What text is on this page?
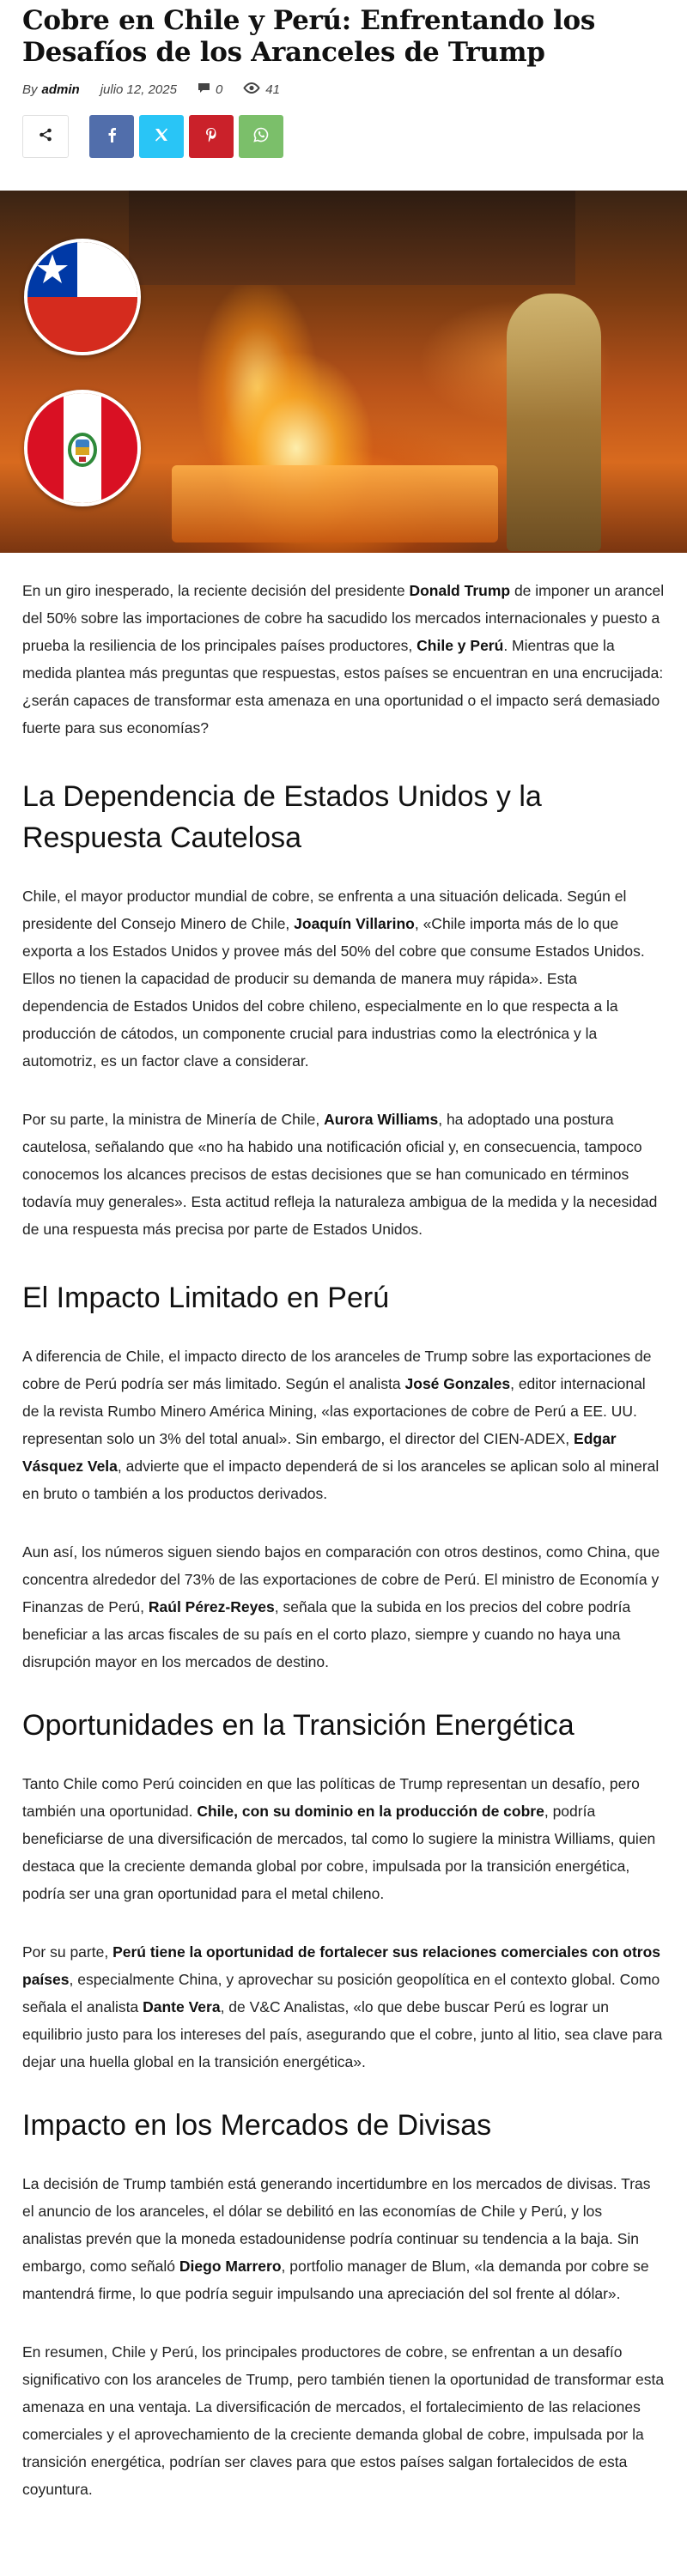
Cobre en Chile y Perú: Enfrentando los Desafíos de los Aranceles de Trump
By admin julio 12, 2025	0	41

En un giro inesperado, la reciente decisión del presidente Donald Trump de imponer un arancel del 50% sobre las importaciones de cobre ha sacudido los mercados internacionales y puesto a prueba la resiliencia de los principales países productores, Chile y Perú. Mientras que la medida plantea más preguntas que respuestas, estos países se encuentran en una encrucijada: ¿serán capaces de transformar esta amenaza en una oportunidad o el impacto será demasiado fuerte para sus economías?

La Dependencia de Estados Unidos y la Respuesta Cautelosa

Chile, el mayor productor mundial de cobre, se enfrenta a una situación delicada. Según el presidente del Consejo Minero de Chile, Joaquín Villarino, «Chile importa más de lo que exporta a los Estados Unidos y provee más del 50% del cobre que consume Estados Unidos. Ellos no tienen la capacidad de producir su demanda de manera muy rápida». Esta dependencia de Estados Unidos del cobre chileno, especialmente en lo que respecta a la producción de cátodos, un componente crucial para industrias como la electrónica y la automotriz, es un factor clave a considerar.

Por su parte, la ministra de Minería de Chile, Aurora Williams, ha adoptado una postura cautelosa, señalando que «no ha habido una notificación oficial y, en consecuencia, tampoco conocemos los alcances precisos de estas decisiones que se han comunicado en términos todavía muy generales». Esta actitud refleja la naturaleza ambigua de la medida y la necesidad de una respuesta más precisa por parte de Estados Unidos.

El Impacto Limitado en Perú

A diferencia de Chile, el impacto directo de los aranceles de Trump sobre las exportaciones de cobre de Perú podría ser más limitado. Según el analista José Gonzales, editor internacional de la revista Rumbo Minero América Mining, «las exportaciones de cobre de Perú a EE. UU. representan solo un 3% del total anual». Sin embargo, el director del CIEN-ADEX, Edgar Vásquez Vela, advierte que el impacto dependerá de si los aranceles se aplican solo al mineral en bruto o también a los productos derivados.

Aun así, los números siguen siendo bajos en comparación con otros destinos, como China, que concentra alrededor del 73% de las exportaciones de cobre de Perú. El ministro de Economía y Finanzas de Perú, Raúl Pérez-Reyes, señala que la subida en los precios del cobre podría beneficiar a las arcas fiscales de su país en el corto plazo, siempre y cuando no haya una disrupción mayor en los mercados de destino.

Oportunidades en la Transición Energética

Tanto Chile como Perú coinciden en que las políticas de Trump representan un desafío, pero también una oportunidad. Chile, con su dominio en la producción de cobre, podría beneficiarse de una diversificación de mercados, tal como lo sugiere la ministra Williams, quien destaca que la creciente demanda global por cobre, impulsada por la transición energética, podría ser una gran oportunidad para el metal chileno.

Por su parte, Perú tiene la oportunidad de fortalecer sus relaciones comerciales con otros países, especialmente China, y aprovechar su posición geopolítica en el contexto global. Como señala el analista Dante Vera, de V&C Analistas, «lo que debe buscar Perú es lograr un equilibrio justo para los intereses del país, asegurando que el cobre, junto al litio, sea clave para dejar una huella global en la transición energética».

Impacto en los Mercados de Divisas

La decisión de Trump también está generando incertidumbre en los mercados de divisas. Tras el anuncio de los aranceles, el dólar se debilitó en las economías de Chile y Perú, y los analistas prevén que la moneda estadounidense podría continuar su tendencia a la baja. Sin embargo, como señaló Diego Marrero, portfolio manager de Blum, «la demanda por cobre se mantendrá firme, lo que podría seguir impulsando una apreciación del sol frente al dólar».

En resumen, Chile y Perú, los principales productores de cobre, se enfrentan a un desafío significativo con los aranceles de Trump, pero también tienen la oportunidad de transformar esta amenaza en una ventaja. La diversificación de mercados, el fortalecimiento de las relaciones comerciales y el aprovechamiento de la creciente demanda global de cobre, impulsada por la transición energética, podrían ser claves para que estos países salgan fortalecidos de esta coyuntura.
